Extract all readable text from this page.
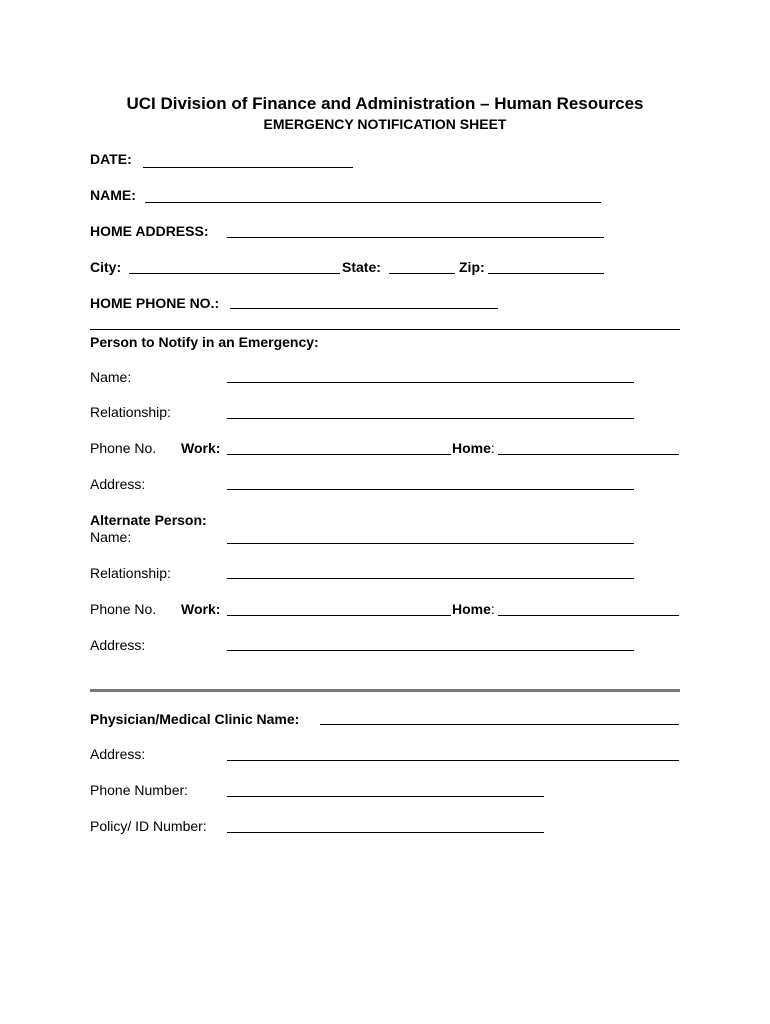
UCI Division of Finance and Administration – Human Resources
EMERGENCY NOTIFICATION SHEET
DATE:
NAME:
HOME ADDRESS:
City:	State:	Zip:
HOME PHONE NO.:
Person to Notify in an Emergency:
Name:
Relationship:
Phone No. Work:	Home:
Address:
Alternate Person:
Name:
Relationship:
Phone No. Work:	Home:
Address:
Physician/Medical Clinic Name:
Address:
Phone Number:
Policy/ ID Number:
